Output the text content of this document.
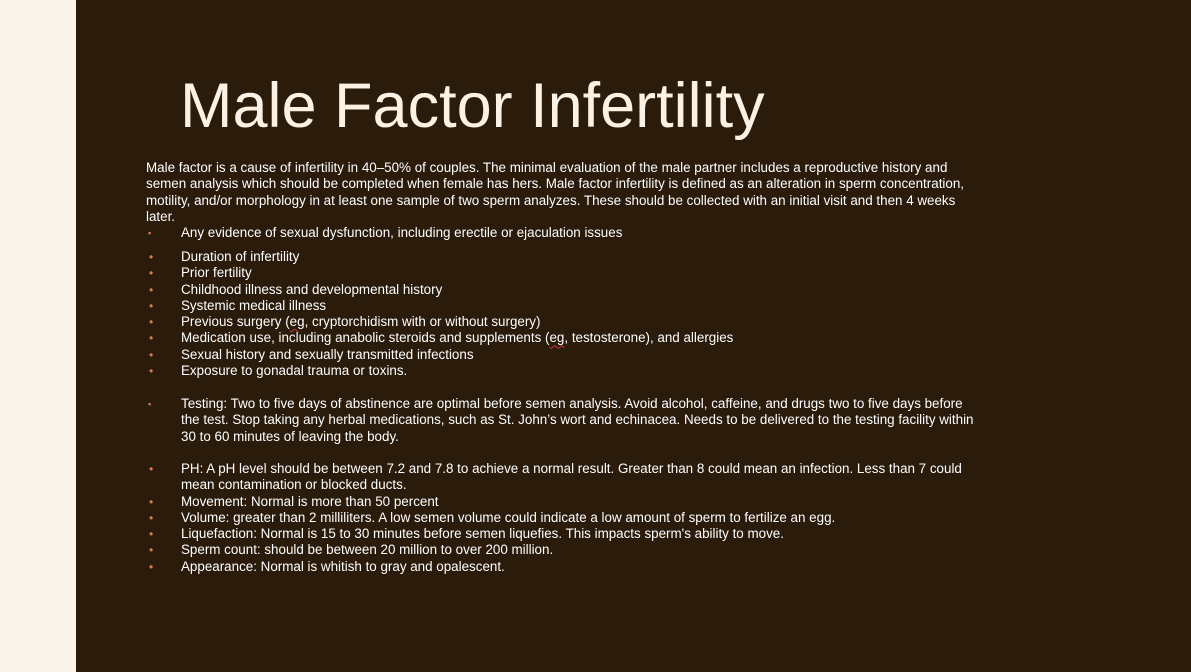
Male Factor Infertility

Male factor is a cause of infertility in 40–50% of couples. The minimal evaluation of the male partner includes a reproductive history and semen analysis which should be completed when female has hers. Male factor infertility is defined as an alteration in sperm concentration, motility, and/or morphology in at least one sample of two sperm analyzes. These should be collected with an initial visit and then 4 weeks later.

▪ Any evidence of sexual dysfunction, including erectile or ejaculation issues
• Duration of infertility
• Prior fertility
• Childhood illness and developmental history
• Systemic medical illness
• Previous surgery (eg, cryptorchidism with or without surgery)
• Medication use, including anabolic steroids and supplements (eg, testosterone), and allergies
• Sexual history and sexually transmitted infections
• Exposure to gonadal trauma or toxins.
▪ Testing: Two to five days of abstinence are optimal before semen analysis. Avoid alcohol, caffeine, and drugs two to five days before the test. Stop taking any herbal medications, such as St. John’s wort and echinacea. Needs to be delivered to the testing facility within 30 to 60 minutes of leaving the body.
• PH: A pH level should be between 7.2 and 7.8 to achieve a normal result. Greater than 8 could mean an infection. Less than 7 could mean contamination or blocked ducts.
• Movement: Normal is more than 50 percent
• Volume: greater than 2 milliliters. A low semen volume could indicate a low amount of sperm to fertilize an egg.
• Liquefaction: Normal is 15 to 30 minutes before semen liquefies. This impacts sperm's ability to move.
• Sperm count: should be between 20 million to over 200 million.
• Appearance: Normal is whitish to gray and opalescent.
